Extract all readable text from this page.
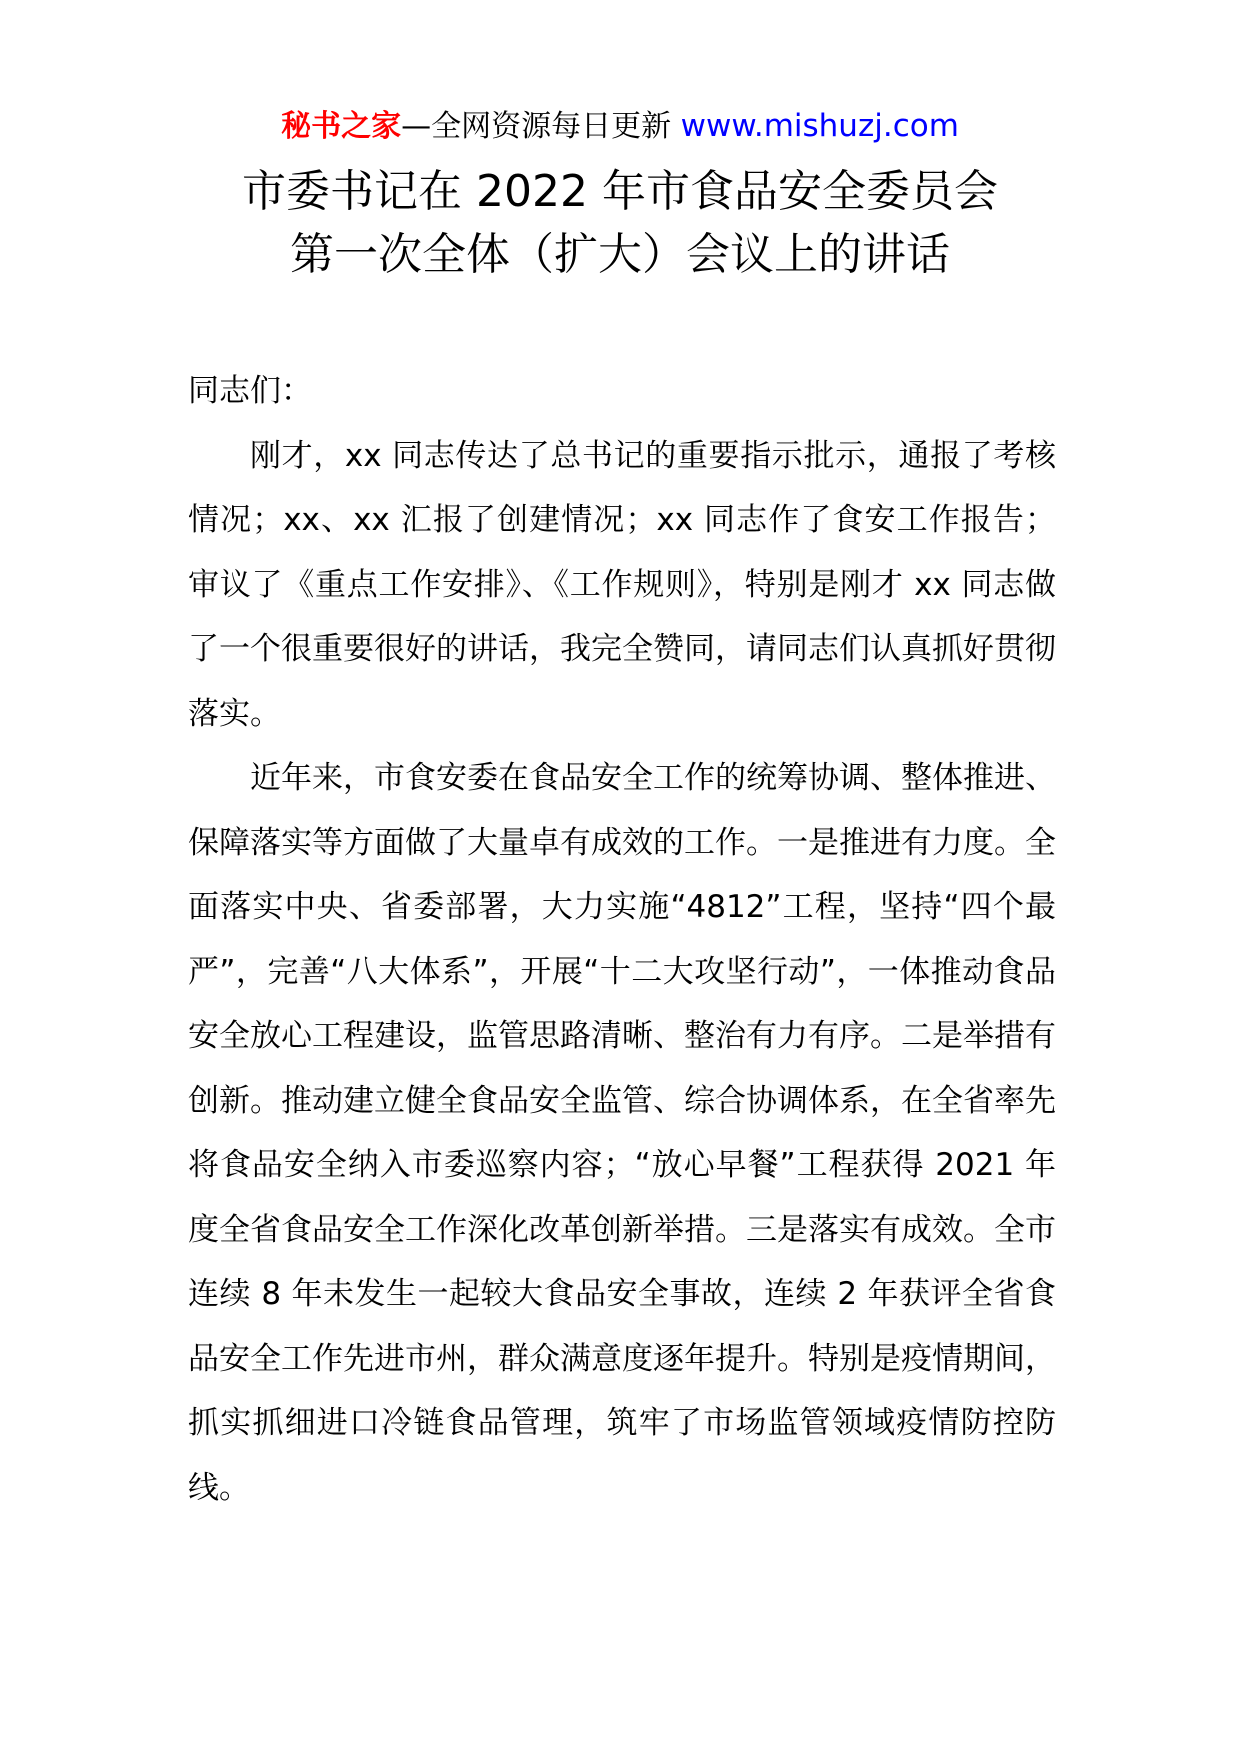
秘书之家—全网资源每日更新 www.mishuzj.com
市委书记在 2022 年市食品安全委员会
第一次全体（扩大）会议上的讲话

同志们：

刚才，xx 同志传达了总书记的重要指示批示，通报了考核情况；xx、xx 汇报了创建情况；xx 同志作了食安工作报告；审议了《重点工作安排》、《工作规则》，特别是刚才 xx 同志做了一个很重要很好的讲话，我完全赞同，请同志们认真抓好贯彻落实。

近年来，市食安委在食品安全工作的统筹协调、整体推进、保障落实等方面做了大量卓有成效的工作。一是推进有力度。全面落实中央、省委部署，大力实施“4812”工程，坚持“四个最严”，完善“八大体系”，开展“十二大攻坚行动”，一体推动食品安全放心工程建设，监管思路清晰、整治有力有序。二是举措有创新。推动建立健全食品安全监管、综合协调体系，在全省率先将食品安全纳入市委巡察内容；“放心早餐”工程获得 2021 年度全省食品安全工作深化改革创新举措。三是落实有成效。全市连续 8 年未发生一起较大食品安全事故，连续 2 年获评全省食品安全工作先进市州，群众满意度逐年提升。特别是疫情期间，抓实抓细进口冷链食品管理，筑牢了市场监管领域疫情防控防线。
